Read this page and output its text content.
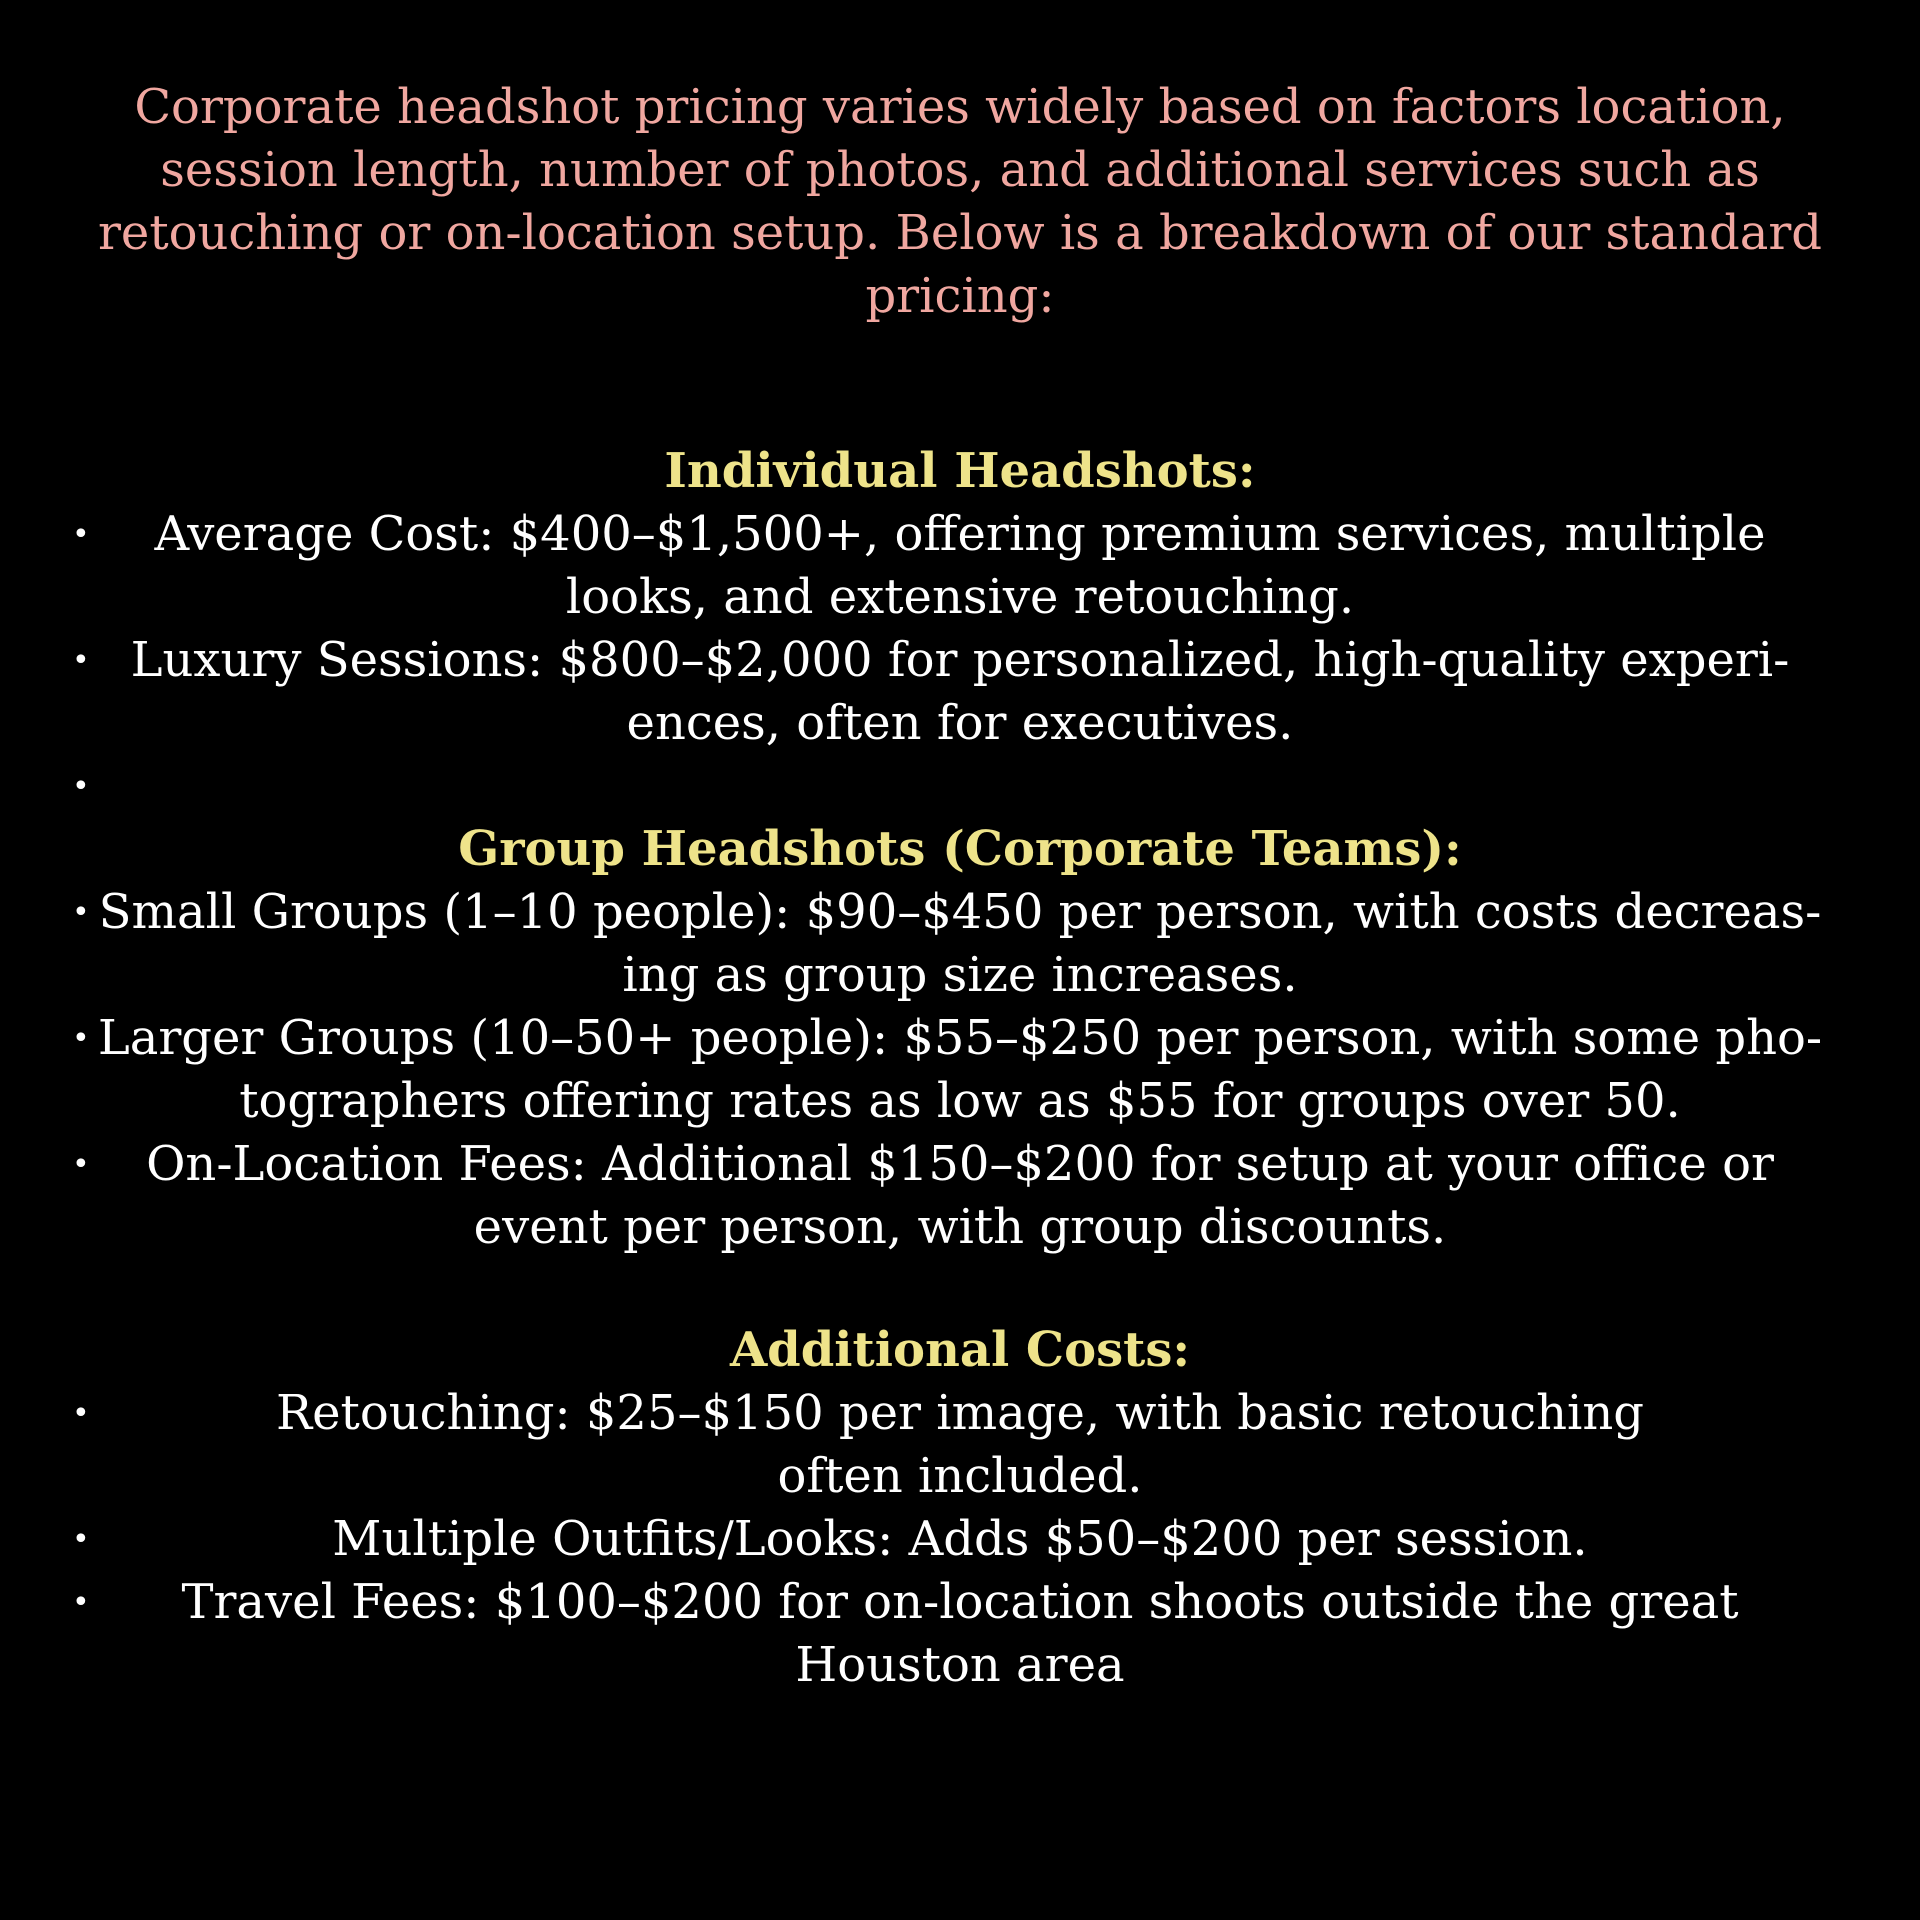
Corporate headshot pricing varies widely based on factors location, session length, number of photos, and additional services such as retouching or on-location setup. Below is a breakdown of our standard pricing:

Individual Headshots:
•	Average Cost: $400–$1,500+, offering premium services, multiple looks, and extensive retouching.
• Luxury Sessions: $800–$2,000 for personalized, high-quality experi-ences, often for executives.
•
Group Headshots (Corporate Teams):
• Small Groups (1–10 people): $90–$450 per person, with costs decreas-ing as group size increases.
• Larger Groups (10–50+ people): $55–$250 per person, with some pho-tographers offering rates as low as $55 for groups over 50.
•	On-Location Fees: Additional $150–$200 for setup at your office or event per person, with group discounts.
Additional Costs:
•	Retouching: $25–$150 per image, with basic retouching often included.
•	Multiple Outfits/Looks: Adds $50–$200 per session.
• Travel Fees: $100–$200 for on-location shoots outside the great Houston area
